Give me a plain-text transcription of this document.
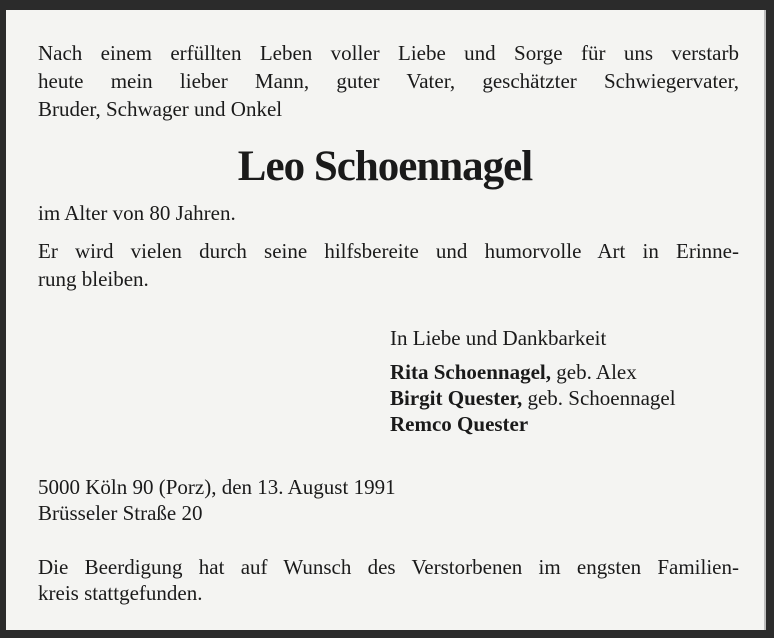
Nach einem erfüllten Leben voller Liebe und Sorge für uns verstarb
heute mein lieber Mann, guter Vater, geschätzter Schwiegervater,
Bruder, Schwager und Onkel
Leo Schoennagel
im Alter von 80 Jahren.
Er wird vielen durch seine hilfsbereite und humorvolle Art in Erinne-
rung bleiben.
In Liebe und Dankbarkeit
Rita Schoennagel, geb. Alex
Birgit Quester, geb. Schoennagel
Remco Quester
5000 Köln 90 (Porz), den 13. August 1991
Brüsseler Straße 20
Die Beerdigung hat auf Wunsch des Verstorbenen im engsten Familien-
kreis stattgefunden.
